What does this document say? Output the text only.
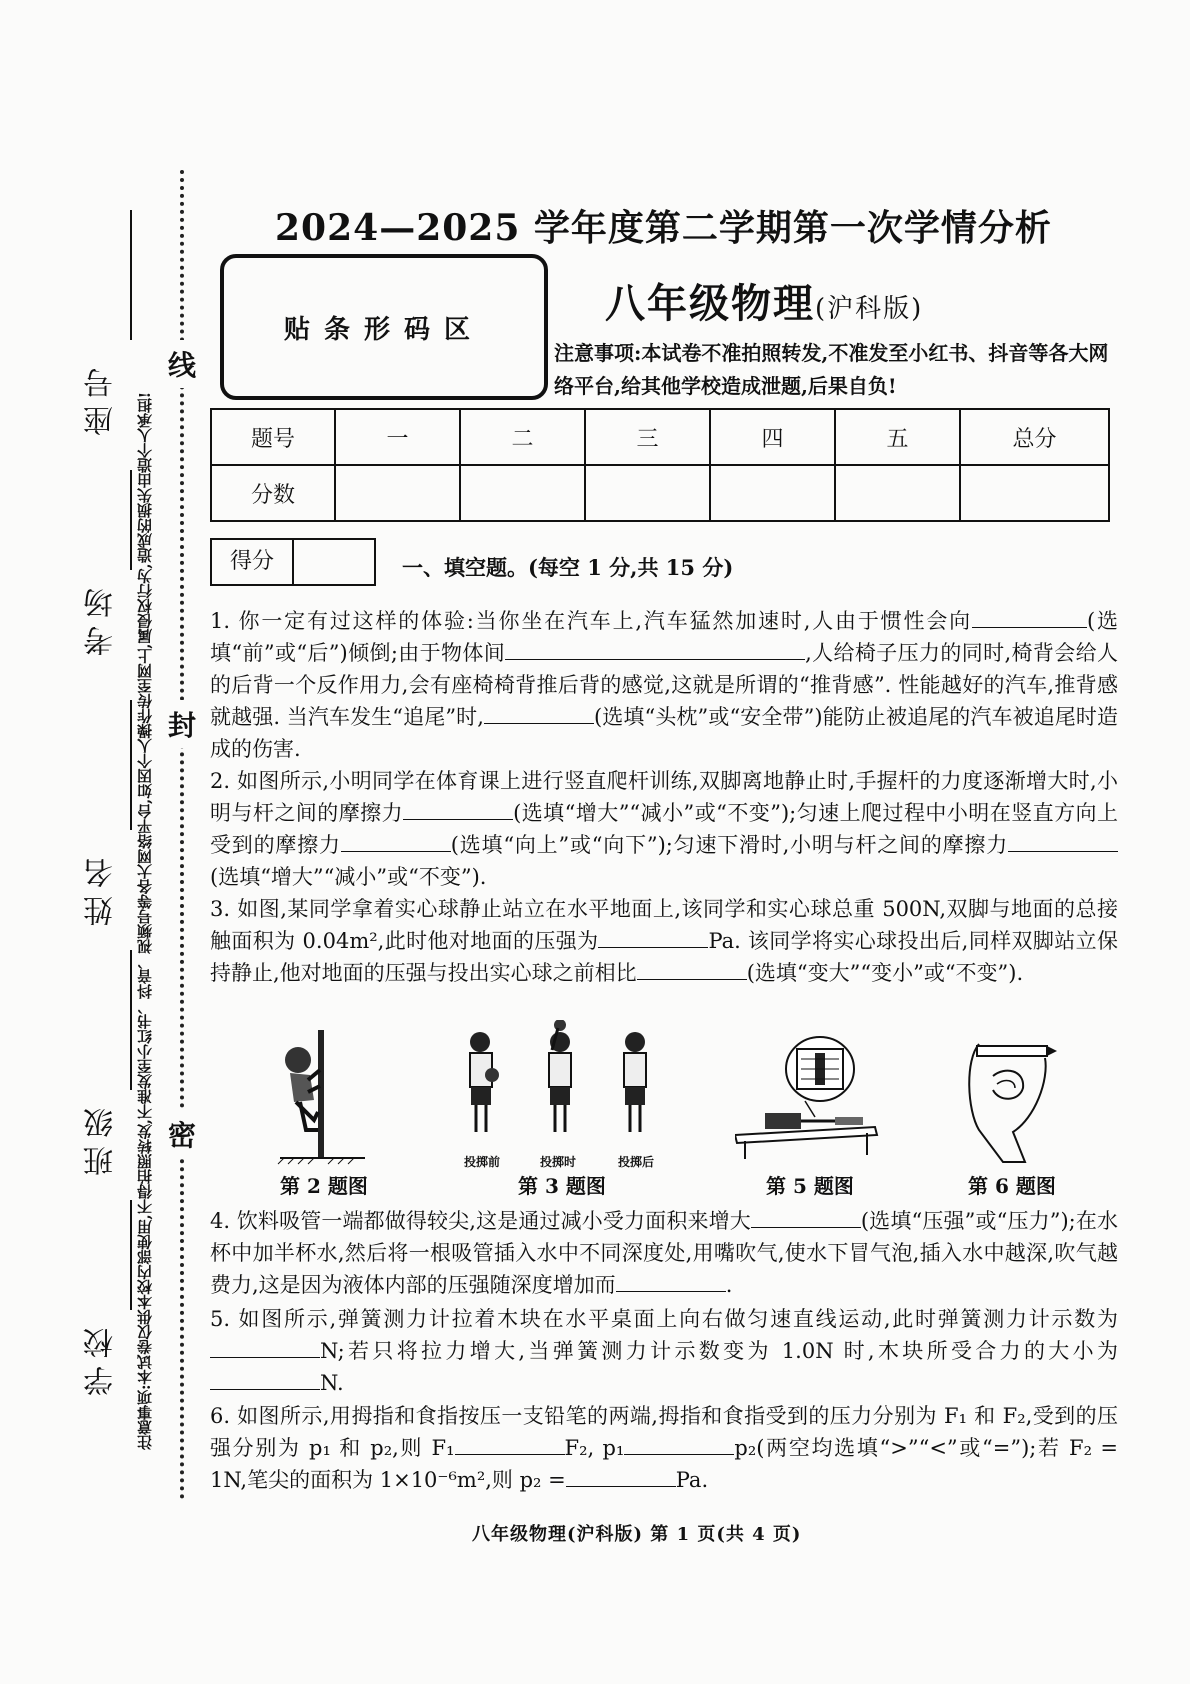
线
封
密
注意事项:本试卷仅供本校内部使用,不得拍照转发,不准发至小红书、抖音、视频号等各大网络平台,如因个人操作传至网上,属侵权行为,造成的损失由造个人承担!
座号
考场
姓名
班级
学校
2024—2025 学年度第二学期第一次学情分析
贴条形码区
八年级物理(沪科版)
注意事项:本试卷不准拍照转发,不准发至小红书、抖音等各大网络平台,给其他学校造成泄题,后果自负!
题号	一	二	三	四	五	总分
分数						
得分	一、填空题。(每空 1 分,共 15 分)
1. 你一定有过这样的体验:当你坐在汽车上,汽车猛然加速时,人由于惯性会向	(选填“前”或“后”)倾倒;由于物体间	,人给椅子压力的同时,椅背会给人的后背一个反作用力,会有座椅椅背推后背的感觉,这就是所谓的“推背感”. 性能越好的汽车,推背感就越强. 当汽车发生“追尾”时,	(选填“头枕”或“安全带”)能防止被追尾的汽车被追尾时造成的伤害.
2. 如图所示,小明同学在体育课上进行竖直爬杆训练,双脚离地静止时,手握杆的力度逐渐增大时,小明与杆之间的摩擦力	(选填“增大”“减小”或“不变”);匀速上爬过程中小明在竖直方向上受到的摩擦力	(选填“向上”或“向下”);匀速下滑时,小明与杆之间的摩擦力(选填“增大”“减小”或“不变”).
3. 如图,某同学拿着实心球静止站立在水平地面上,该同学和实心球总重 500N,双脚与地面的总接触面积为 0.04m²,此时他对地面的压强为	Pa. 该同学将实心球投出后,同样双脚站立保持静止,他对地面的压强与投出实心球之前相比	(选填“变大”“变小”或“不变”).
第 2 题图
投掷前	投掷时	投掷后
第 3 题图	第 5 题图	第 6 题图
4. 饮料吸管一端都做得较尖,这是通过减小受力面积来增大	(选填“压强”或“压力”);在水杯中加半杯水,然后将一根吸管插入水中不同深度处,用嘴吹气,使水下冒气泡,插入水中越深,吹气越费力,这是因为液体内部的压强随深度增加而	.
5. 如图所示,弹簧测力计拉着木块在水平桌面上向右做匀速直线运动,此时弹簧测力计示数为N;若只将拉力增大,当弹簧测力计示数变为 1.0N 时,木块所受合力的大小为N.
6. 如图所示,用拇指和食指按压一支铅笔的两端,拇指和食指受到的压力分别为 F₁ 和 F₂,受到的压强分别为 p₁ 和 p₂,则 F₁	F₂, p₁	p₂(两空均选填“>”“<”或“=”);若 F₂ = 1N,笔尖的面积为 1×10⁻⁶m²,则 p₂ =	Pa.
八年级物理(沪科版) 第 1 页(共 4 页)
